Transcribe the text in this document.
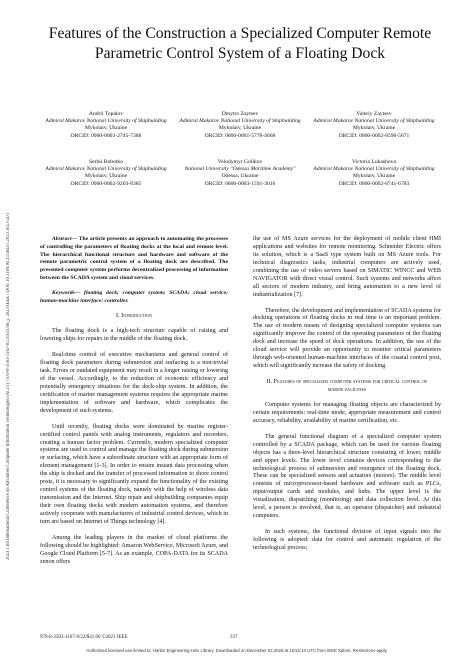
2023 13th International Conference on Advanced Computer Information Technologies (ACIT) | 979-8-3503-1167-0/23/$31.00 ©2023 IEEE | DOI: 10.1109/ACIT58437.2023.10275471
Features of the Construction a Specialized Computer Remote Parametric Control System of a Floating Dock
Andrii Topalov
Admiral Makarov National University of Shipbuilding
Mykolaiv, Ukraine
ORCID: 0000-0003-2745-7388
Dmytro Zaytsev
Admiral Makarov National University of Shipbuilding
Mykolaiv, Ukraine
ORCID: 0000-0001-5778-4668
Valeriy Zaytsev
Admiral Makarov National University of Shipbuilding
Mykolaiv, Ukraine
ORCID: 0000-0002-8590-5671
Serhii Robotko
Admiral Makarov National University of Shipbuilding
Mykolaiv, Ukraine
ORCID: 0000-0002-9203-8385
Volodymyr Golikov
National University "Odessa Maritime Academy"
Odessa, Ukraine
ORCID: 0000-0003-1591-3016
Victoria Lukashova
Admiral Makarov National University of Shipbuilding
Mykolaiv, Ukraine
ORCID: 0000-0002-8741-6783
Abstract— The article presents an approach to automating the processes of controlling the parameters of floating docks at the local and remote level. The hierarchical functional structure and hardware and software of the remote parametric control system of a floating dock are described. The presented computer system performs decentralized processing of information between the SCADA system and cloud services.
Keywords— floating dock; computer system; SCADA; cloud service; human-machine interface; controller.
I. Introduction

The floating dock is a high-tech structure capable of raising and lowering ships for repairs in the middle of the floating dock.

Real-time control of executive mechanisms and general control of floating dock parameters during submersion and surfacing is a non-trivial task. Errors or outdated equipment may result in a longer raising or lowering of the vessel. Accordingly, to the reduction of economic efficiency and potentially emergency situations for the dock-ship system. In addition, the certification of marine management systems requires the appropriate marine implementation of software and hardware, which complicates the development of such systems.

Until recently, floating docks were dominated by marine register-certified control panels with analog instruments, regulators and recorders, creating a human factor problem. Currently, modern specialized computer systems are used to control and manage the floating dock during submersion or surfacing, which have a subordinate structure with an appropriate form of element management [1-3]. In order to ensure instant data processing when the ship is docked and the transfer of processed information to shore control posts, it is necessary to significantly expand the functionality of the existing control systems of the floating dock, namely with the help of wireless data transmission and the Internet. Ship repair and shipbuilding companies equip their own floating docks with modern automation systems, and therefore actively cooperate with manufacturers of industrial control devices, which in turn are based on Internet of Things technology [4].

Among the leading players in the market of cloud platforms the following should be highlighted: Amazon WebService, Microsoft Azure, and Google Cloud Platform [5-7]. As an example, COPA-DATA for its SCADA zenon offers

the use of MS Azure services for the deployment of mobile client HMI applications and websites for remote monitoring. Schneider Electric offers its solution, which is a SaaS type system built on MS Azure tools. For technical diagnostics tasks, industrial computers are actively used, combining the use of video servers based on SIMATIC WINCC and WEB NAVIGATOR with direct visual control. Such systems and networks affect all sectors of modern industry, and bring automation to a new level of industrialization [7].

Therefore, the development and implementation of SCADA systems for docking operations of floating docks in real time is an important problem. The use of modern means of designing specialized computer systems can significantly improve the control of the operating parameters of the floating dock and increase the speed of dock operations. In addition, the use of the cloud service will provide an opportunity to monitor critical parameters through web-oriented human-machine interfaces of the coastal control post, which will significantly increase the safety of docking.

II. Features of specialized computer systems for critical control of marine facilities

Computer systems for managing floating objects are characterized by certain requirements: real-time mode, appropriate measurement and control accuracy, reliability, availability of marine certification, etc.

The general functional diagram of a specialized computer system controlled by a SCADA package, which can be used for various floating objects has a three-level hierarchical structure consisting of lower, middle and upper levels. The lower level contains devices corresponding to the technological process of submersion and resurgence of the floating dock. These can be specialized sensors and actuators (motors). The middle level consists of microprocessor-based hardware and software such as PLCs, input/output cards and modules, and hubs. The upper level is the visualization, dispatching (monitoring) and data collection level. At this level, a person is involved, that is, an operator (dispatcher) and industrial computers.

In such systems, the functional division of input signals into the following is adopted: data for control and automatic regulation of the technological process;

979-8-3503-1167-0/23/$31.00 ©2023 IEEE	337
Authorized licensed use limited to: Harbin Engineering Univ Library. Downloaded on December 02,2025 at 15:52:10 UTC from IEEE Xplore. Restrictions apply.
